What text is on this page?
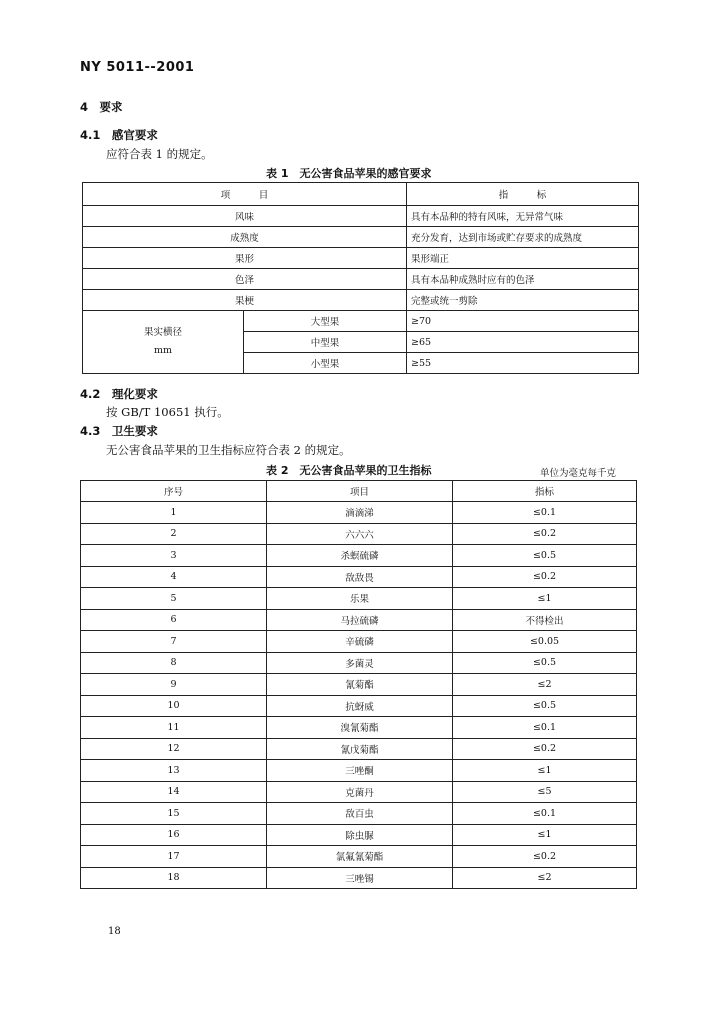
NY 5011--2001
4　要求
4.1　感官要求
应符合表 1 的规定。
表 1　无公害食品苹果的感官要求
项　　　目		指　　　标
风味		具有本品种的特有风味，无异常气味
成熟度		充分发育，达到市场或贮存要求的成熟度
果形		果形端正
色泽		具有本品种成熟时应有的色泽
果梗		完整或统一剪除

果实横径
mm	大型果	≥70
	中型果	≥65
	小型果	≥55
4.2　理化要求
按 GB/T 10651 执行。
4.3　卫生要求
无公害食品苹果的卫生指标应符合表 2 的规定。
表 2　无公害食品苹果的卫生指标	单位为毫克每千克
序号	项目	指标
1	滴滴涕	≤0.1
2	六六六	≤0.2
3	杀螟硫磷	≤0.5
4	敌敌畏	≤0.2
5	乐果	≤1
6	马拉硫磷	不得检出
7	辛硫磷	≤0.05
8	多菌灵	≤0.5
9	氰菊酯	≤2
10	抗蚜威	≤0.5
11	溴氰菊酯	≤0.1
12	氰戊菊酯	≤0.2
13	三唑酮	≤1
14	克菌丹	≤5
15	敌百虫	≤0.1
16	除虫脲	≤1
17	氯氟氰菊酯	≤0.2
18	三唑锡	≤2
18
